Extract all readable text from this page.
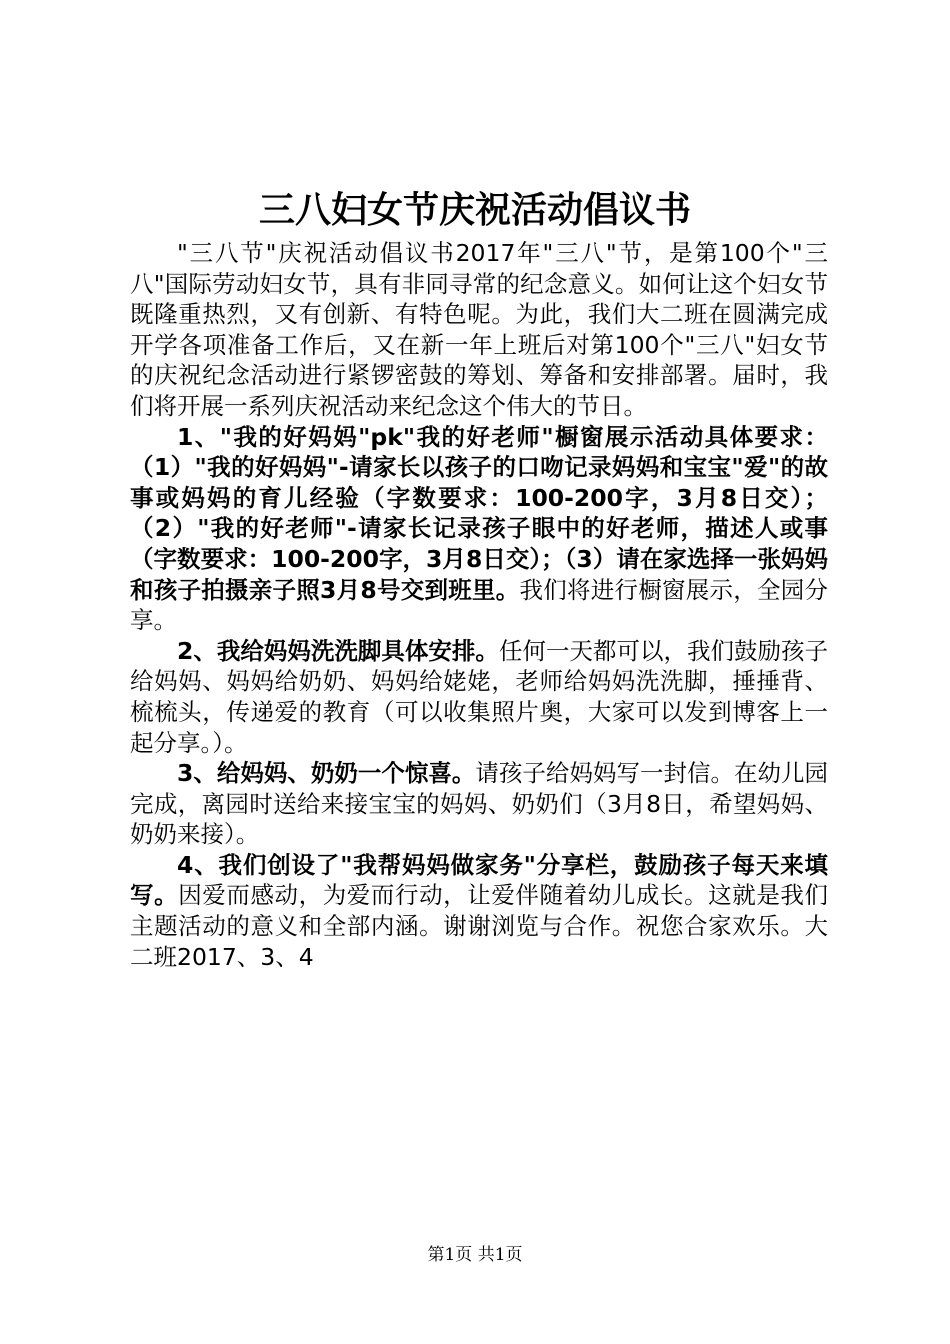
三八妇女节庆祝活动倡议书

"三八节"庆祝活动倡议书2017年"三八"节，是第100个"三八"国际劳动妇女节，具有非同寻常的纪念意义。如何让这个妇女节既隆重热烈，又有创新、有特色呢。为此，我们大二班在圆满完成开学各项准备工作后，又在新一年上班后对第100个"三八"妇女节的庆祝纪念活动进行紧锣密鼓的筹划、筹备和安排部署。届时，我们将开展一系列庆祝活动来纪念这个伟大的节日。

1、"我的好妈妈"pk"我的好老师"橱窗展示活动具体要求：（1）"我的好妈妈"-请家长以孩子的口吻记录妈妈和宝宝"爱"的故事或妈妈的育儿经验（字数要求：100-200字，3月8日交）；（2）"我的好老师"-请家长记录孩子眼中的好老师，描述人或事（字数要求：100-200字，3月8日交）；（3）请在家选择一张妈妈和孩子拍摄亲子照3月8号交到班里。我们将进行橱窗展示，全园分享。

2、我给妈妈洗洗脚具体安排。任何一天都可以，我们鼓励孩子给妈妈、妈妈给奶奶、妈妈给姥姥，老师给妈妈洗洗脚，捶捶背、梳梳头，传递爱的教育（可以收集照片奥，大家可以发到博客上一起分享。）。

3、给妈妈、奶奶一个惊喜。请孩子给妈妈写一封信。在幼儿园完成，离园时送给来接宝宝的妈妈、奶奶们（3月8日，希望妈妈、奶奶来接）。

4、我们创设了"我帮妈妈做家务"分享栏，鼓励孩子每天来填写。因爱而感动，为爱而行动，让爱伴随着幼儿成长。这就是我们主题活动的意义和全部内涵。谢谢浏览与合作。祝您合家欢乐。大二班2017、3、4

第1页 共1页
